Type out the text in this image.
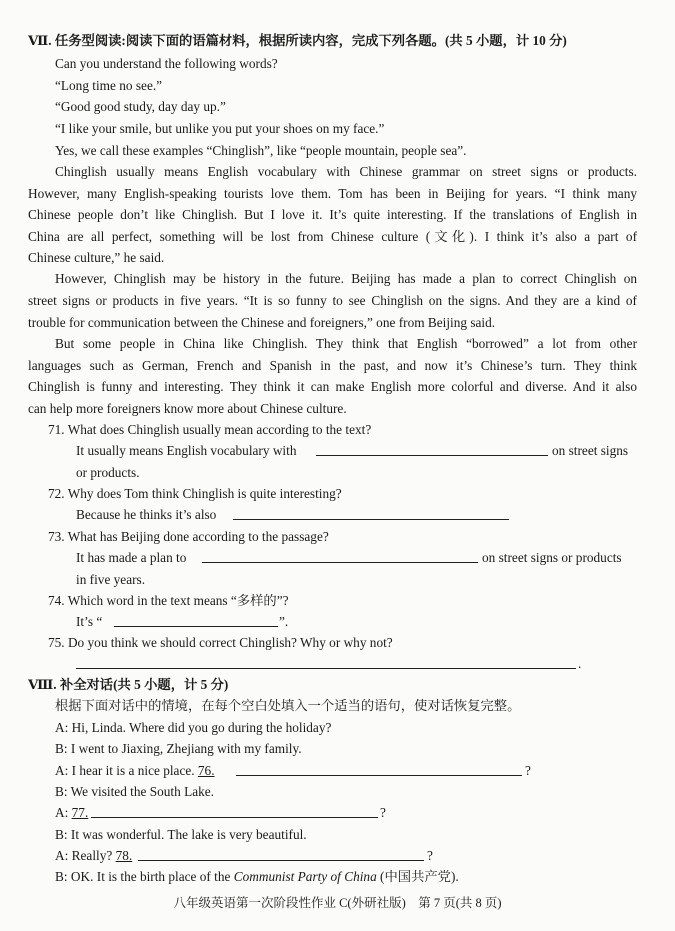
Ⅶ. 任务型阅读:阅读下面的语篇材料，根据所读内容，完成下列各题。(共 5 小题，计 10 分)
Can you understand the following words?
“Long time no see.”
“Good good study, day day up.”
“I like your smile, but unlike you put your shoes on my face.”
Yes, we call these examples “Chinglish”, like “people mountain, people sea”.
Chinglish usually means English vocabulary with Chinese grammar on street signs or products.
However, many English-speaking tourists love them. Tom has been in Beijing for years. “I think many
Chinese people don’t like Chinglish. But I love it. It’s quite interesting. If the translations of English in
China are all perfect, something will be lost from Chinese culture (文化). I think it’s also a part of
Chinese culture,” he said.
However, Chinglish may be history in the future. Beijing has made a plan to correct Chinglish on
street signs or products in five years. “It is so funny to see Chinglish on the signs. And they are a kind of
trouble for communication between the Chinese and foreigners,” one from Beijing said.
But some people in China like Chinglish. They think that English “borrowed” a lot from other
languages such as German, French and Spanish in the past, and now it’s Chinese’s turn. They think
Chinglish is funny and interesting. They think it can make English more colorful and diverse. And it also
can help more foreigners know more about Chinese culture.
71. What does Chinglish usually mean according to the text?
It usually means English vocabulary with	on street signs
or products.
72. Why does Tom think Chinglish is quite interesting?
Because he thinks it’s also
73. What has Beijing done according to the passage?
It has made a plan to	on street signs or products
in five years.
74. Which word in the text means “多样的”?
It’s “	”.
75. Do you think we should correct Chinglish? Why or why not?
.
Ⅷ. 补全对话(共 5 小题，计 5 分)
根据下面对话中的情境，在每个空白处填入一个适当的语句，使对话恢复完整。
A: Hi, Linda. Where did you go during the holiday?
B: I went to Jiaxing, Zhejiang with my family.
A: I hear it is a nice place. 76.	?
B: We visited the South Lake.
A: 77.	?
B: It was wonderful. The lake is very beautiful.
A: Really? 78.	?
B: OK. It is the birth place of the Communist Party of China (中国共产党).
八年级英语第一次阶段性作业 C(外研社版)　第 7 页(共 8 页)
